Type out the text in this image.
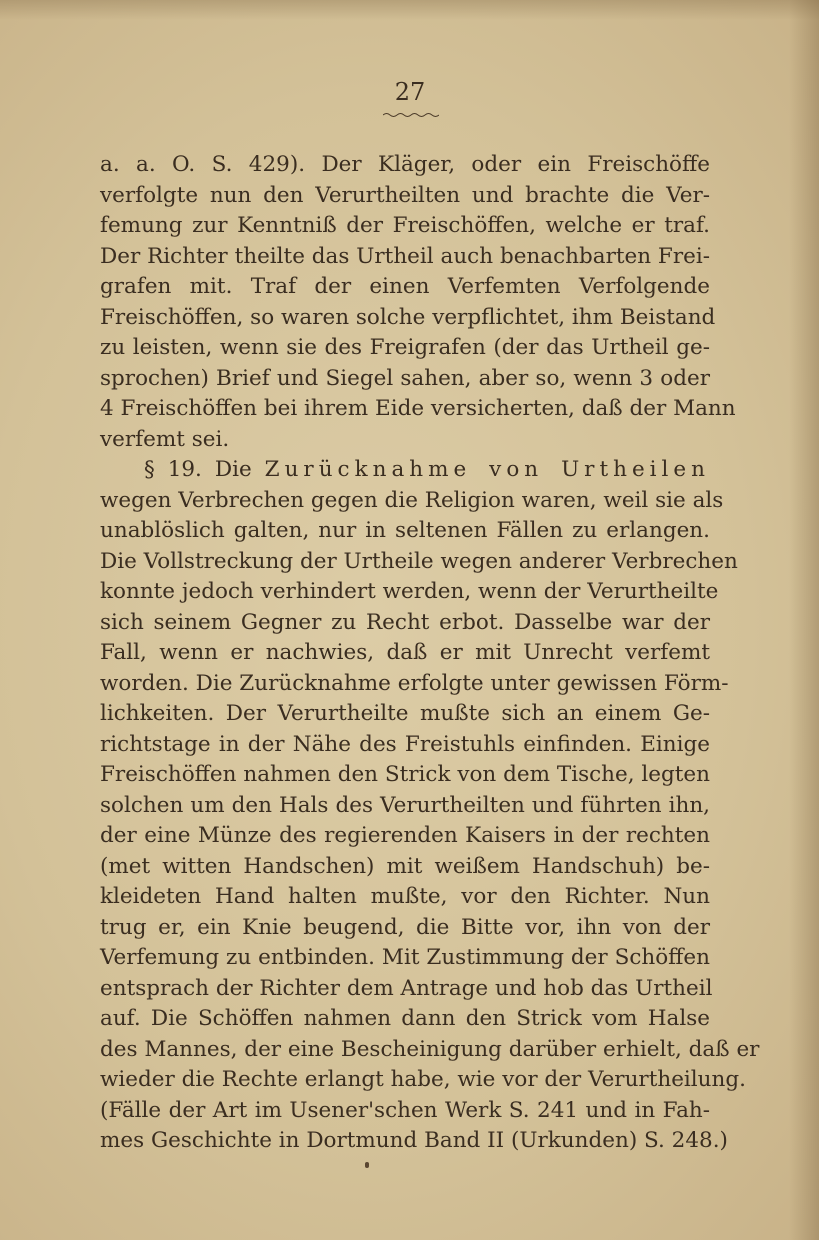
27
a. a. O. S. 429). Der Kläger, oder ein Freischöffe
verfolgte nun den Verurtheilten und brachte die Ver-
femung zur Kenntniß der Freischöffen, welche er traf.
Der Richter theilte das Urtheil auch benachbarten Frei-
grafen mit. Traf der einen Verfemten Verfolgende
Freischöffen, so waren solche verpflichtet, ihm Beistand
zu leisten, wenn sie des Freigrafen (der das Urtheil ge-
sprochen) Brief und Siegel sahen, aber so, wenn 3 oder
4 Freischöffen bei ihrem Eide versicherten, daß der Mann
verfemt sei.
§ 19. Die Zurücknahme von Urtheilen
wegen Verbrechen gegen die Religion waren, weil sie als
unablöslich galten, nur in seltenen Fällen zu erlangen.
Die Vollstreckung der Urtheile wegen anderer Verbrechen
konnte jedoch verhindert werden, wenn der Verurtheilte
sich seinem Gegner zu Recht erbot. Dasselbe war der
Fall, wenn er nachwies, daß er mit Unrecht verfemt
worden. Die Zurücknahme erfolgte unter gewissen Förm-
lichkeiten. Der Verurtheilte mußte sich an einem Ge-
richtstage in der Nähe des Freistuhls einfinden. Einige
Freischöffen nahmen den Strick von dem Tische, legten
solchen um den Hals des Verurtheilten und führten ihn,
der eine Münze des regierenden Kaisers in der rechten
(met witten Handschen) mit weißem Handschuh) be-
kleideten Hand halten mußte, vor den Richter. Nun
trug er, ein Knie beugend, die Bitte vor, ihn von der
Verfemung zu entbinden. Mit Zustimmung der Schöffen
entsprach der Richter dem Antrage und hob das Urtheil
auf. Die Schöffen nahmen dann den Strick vom Halse
des Mannes, der eine Bescheinigung darüber erhielt, daß er
wieder die Rechte erlangt habe, wie vor der Verurtheilung.
(Fälle der Art im Usener'schen Werk S. 241 und in Fah-
mes Geschichte in Dortmund Band II (Urkunden) S. 248.)
